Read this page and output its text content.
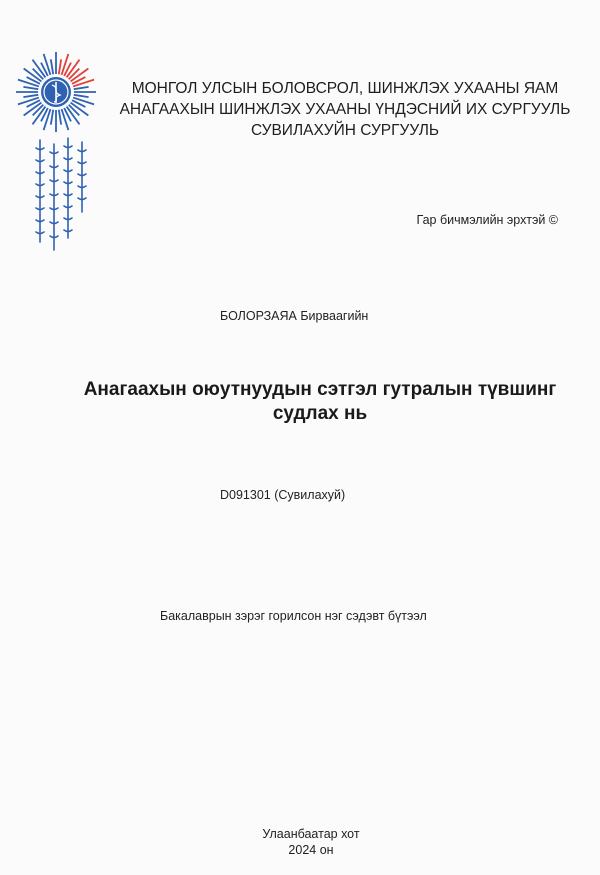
МОНГОЛ УЛСЫН БОЛОВСРОЛ, ШИНЖЛЭХ УХААНЫ ЯАМ
АНАГААХЫН ШИНЖЛЭХ УХААНЫ ҮНДЭСНИЙ ИХ СУРГУУЛЬ
СУВИЛАХУЙН СУРГУУЛЬ
Гар бичмэлийн эрхтэй ©
БОЛОРЗАЯА Бирваагийн
Анагаахын оюутнуудын сэтгэл гутралын түвшинг
судлах нь
D091301 (Сувилахуй)
Бакалаврын зэрэг горилсон нэг сэдэвт бүтээл
Улаанбаатар хот
2024 он
